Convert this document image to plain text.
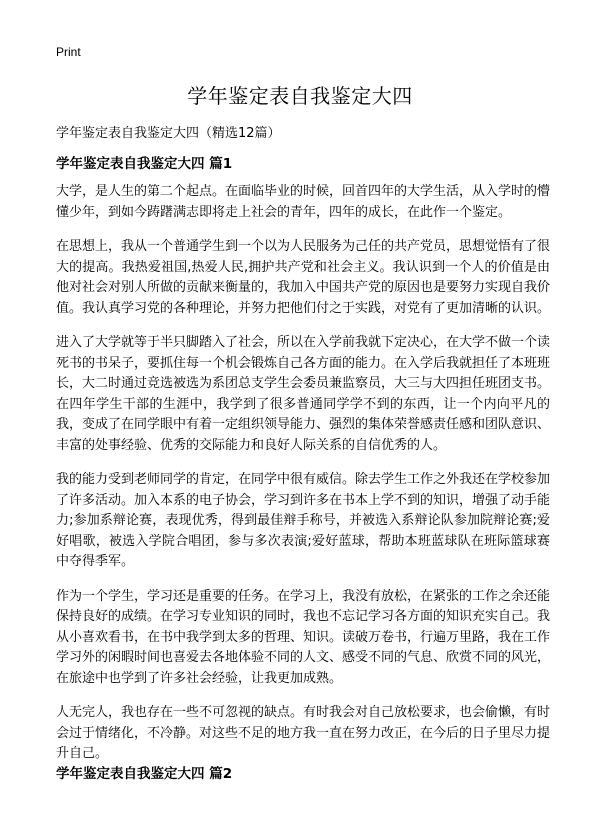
Print
学年鉴定表自我鉴定大四

学年鉴定表自我鉴定大四（精选12篇）

学年鉴定表自我鉴定大四 篇1

大学，是人生的第二个起点。在面临毕业的时候，回首四年的大学生活，从入学时的懵懂少年，到如今踌躇满志即将走上社会的青年，四年的成长，在此作一个鉴定。

在思想上，我从一个普通学生到一个以为人民服务为己任的共产党员，思想觉悟有了很大的提高。我热爱祖国,热爱人民,拥护共产党和社会主义。我认识到一个人的价值是由他对社会对别人所做的贡献来衡量的，我加入中国共产党的原因也是要努力实现自我价值。我认真学习党的各种理论，并努力把他们付之于实践，对党有了更加清晰的认识。

进入了大学就等于半只脚踏入了社会，所以在入学前我就下定决心，在大学不做一个读死书的书呆子，要抓住每一个机会锻炼自己各方面的能力。在入学后我就担任了本班班长，大二时通过竞选被选为系团总支学生会委员兼监察员，大三与大四担任班团支书。在四年学生干部的生涯中，我学到了很多普通同学学不到的东西，让一个内向平凡的我，变成了在同学眼中有着一定组织领导能力、强烈的集体荣誉感责任感和团队意识、丰富的处事经验、优秀的交际能力和良好人际关系的自信优秀的人。

我的能力受到老师同学的肯定，在同学中很有威信。除去学生工作之外我还在学校参加了许多活动。加入本系的电子协会，学习到许多在书本上学不到的知识，增强了动手能力;参加系辩论赛，表现优秀，得到最佳辩手称号，并被选入系辩论队参加院辩论赛;爱好唱歌，被选入学院合唱团，参与多次表演;爱好蓝球，帮助本班蓝球队在班际篮球赛中夺得季军。

作为一个学生，学习还是重要的任务。在学习上，我没有放松，在紧张的工作之余还能保持良好的成绩。在学习专业知识的同时，我也不忘记学习各方面的知识充实自己。我从小喜欢看书，在书中我学到太多的哲理、知识。读破万卷书，行遍万里路，我在工作学习外的闲暇时间也喜爱去各地体验不同的人文、感受不同的气息、欣赏不同的风光，在旅途中也学到了许多社会经验，让我更加成熟。

人无完人，我也存在一些不可忽视的缺点。有时我会对自己放松要求，也会偷懒，有时会过于情绪化，不冷静。对这些不足的地方我一直在努力改正，在今后的日子里尽力提升自己。

学年鉴定表自我鉴定大四 篇2
